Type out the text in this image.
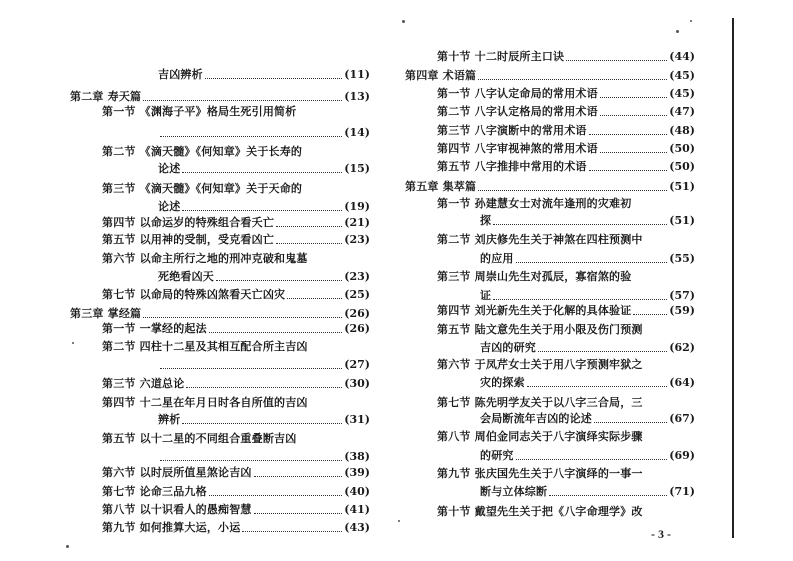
吉凶辨析	(11)
第二章 寿天篇	(13)
第一节 《渊海子平》格局生死引用简析
(14)
第二节 《滴天髓》《何知章》关于长寿的
论述	(15)
第三节 《滴天髓》《何知章》关于天命的
论述	(19)
第四节 以命运岁的特殊组合看夭亡	(21)
第五节 以用神的受制，受克看凶亡	(23)
第六节 以命主所行之地的刑冲克破和鬼墓
死绝看凶天	(23)
第七节 以命局的特殊凶煞看天亡凶灾	(25)
第三章 掌经篇	(26)
第一节 一掌经的起法	(26)
第二节 四柱十二星及其相互配合所主吉凶
(27)
第三节 六道总论	(30)
第四节 十二星在年月日时各自所值的吉凶
辨析	(31)
第五节 以十二星的不同组合重叠断吉凶
(38)
第六节 以时辰所值星煞论吉凶	(39)
第七节 论命三品九格	(40)
第八节 以十识看人的愚痴智慧	(41)
第九节 如何推算大运，小运	(43)
第十节 十二时辰所主口诀	(44)
第四章 术语篇	(45)
第一节 八字认定命局的常用术语	(45)
第二节 八字认定格局的常用术语	(47)
第三节 八字演断中的常用术语	(48)
第四节 八字审视神煞的常用术语	(50)
第五节 八字推排中常用的术语	(50)
第五章 集萃篇	(51)
第一节 孙建慧女士对流年逢刑的灾难初
探	(51)
第二节 刘庆修先生关于神煞在四柱预测中
的应用	(55)
第三节 周崇山先生对孤辰，寡宿煞的验
证	(57)
第四节 刘光新先生关于化解的具体验证	(59)
第五节 陆文意先生关于用小限及伤门预测
吉凶的研究	(62)
第六节 于凤芹女士关于用八字预测牢狱之
灾的探索	(64)
第七节 陈先明学友关于以八字三合局，三
会局断流年吉凶的论述	(67)
第八节 周伯金同志关于八字演绎实际步骤
的研究	(69)
第九节 张庆国先生关于八字演绎的一事一
断与立体综断	(71)
第十节 戴望先生关于把《八字命理学》改
- 3 -
